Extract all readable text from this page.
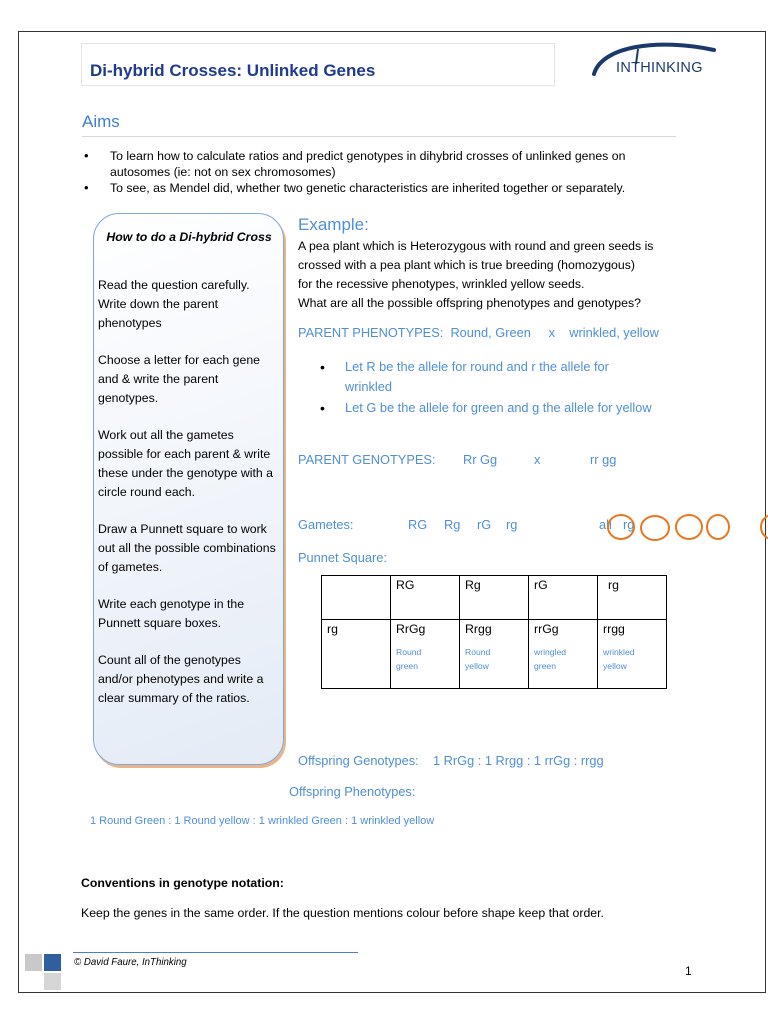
Di-hybrid Crosses: Unlinked Genes	INTHINKING
Aims
• To learn how to calculate ratios and predict genotypes in dihybrid crosses of unlinked genes on autosomes (ie: not on sex chromosomes)
• To see, as Mendel did, whether two genetic characteristics are inherited together or separately.
How to do a Di-hybrid Cross

Read the question carefully. Write down the parent phenotypes

Choose a letter for each gene and & write the parent genotypes.

Work out all the gametes possible for each parent & write these under the genotype with a circle round each.

Draw a Punnett square to work out all the possible combinations of gametes.

Write each genotype in the Punnett square boxes.

Count all of the genotypes and/or phenotypes and write a clear summary of the ratios.

Example:
A pea plant which is Heterozygous with round and green seeds is
crossed with a pea plant which is true breeding (homozygous)
for the recessive phenotypes, wrinkled yellow seeds.
What are all the possible offspring phenotypes and genotypes?
PARENT PHENOTYPES: Round, Green x wrinkled, yellow
• Let R be the allele for round and r the allele for wrinkled
• Let G be the allele for green and g the allele for yellow
PARENT GENOTYPES: Rr Gg	x	rr gg
Gametes:	RG Rg rG rg	all rg
Punnet Square:
	RG	Rg	rG	rg
rg	RrGg
Round
green	Rrgg
Round
yellow	rrGg
wringled
green	rrgg
wrinkled
yellow
Offspring Genotypes: 1 RrGg : 1 Rrgg : 1 rrGg : rrgg
Offspring Phenotypes:
1 Round Green : 1 Round yellow : 1 wrinkled Green : 1 wrinkled yellow
Conventions in genotype notation:
Keep the genes in the same order. If the question mentions colour before shape keep that order.
© David Faure, InThinking
1
